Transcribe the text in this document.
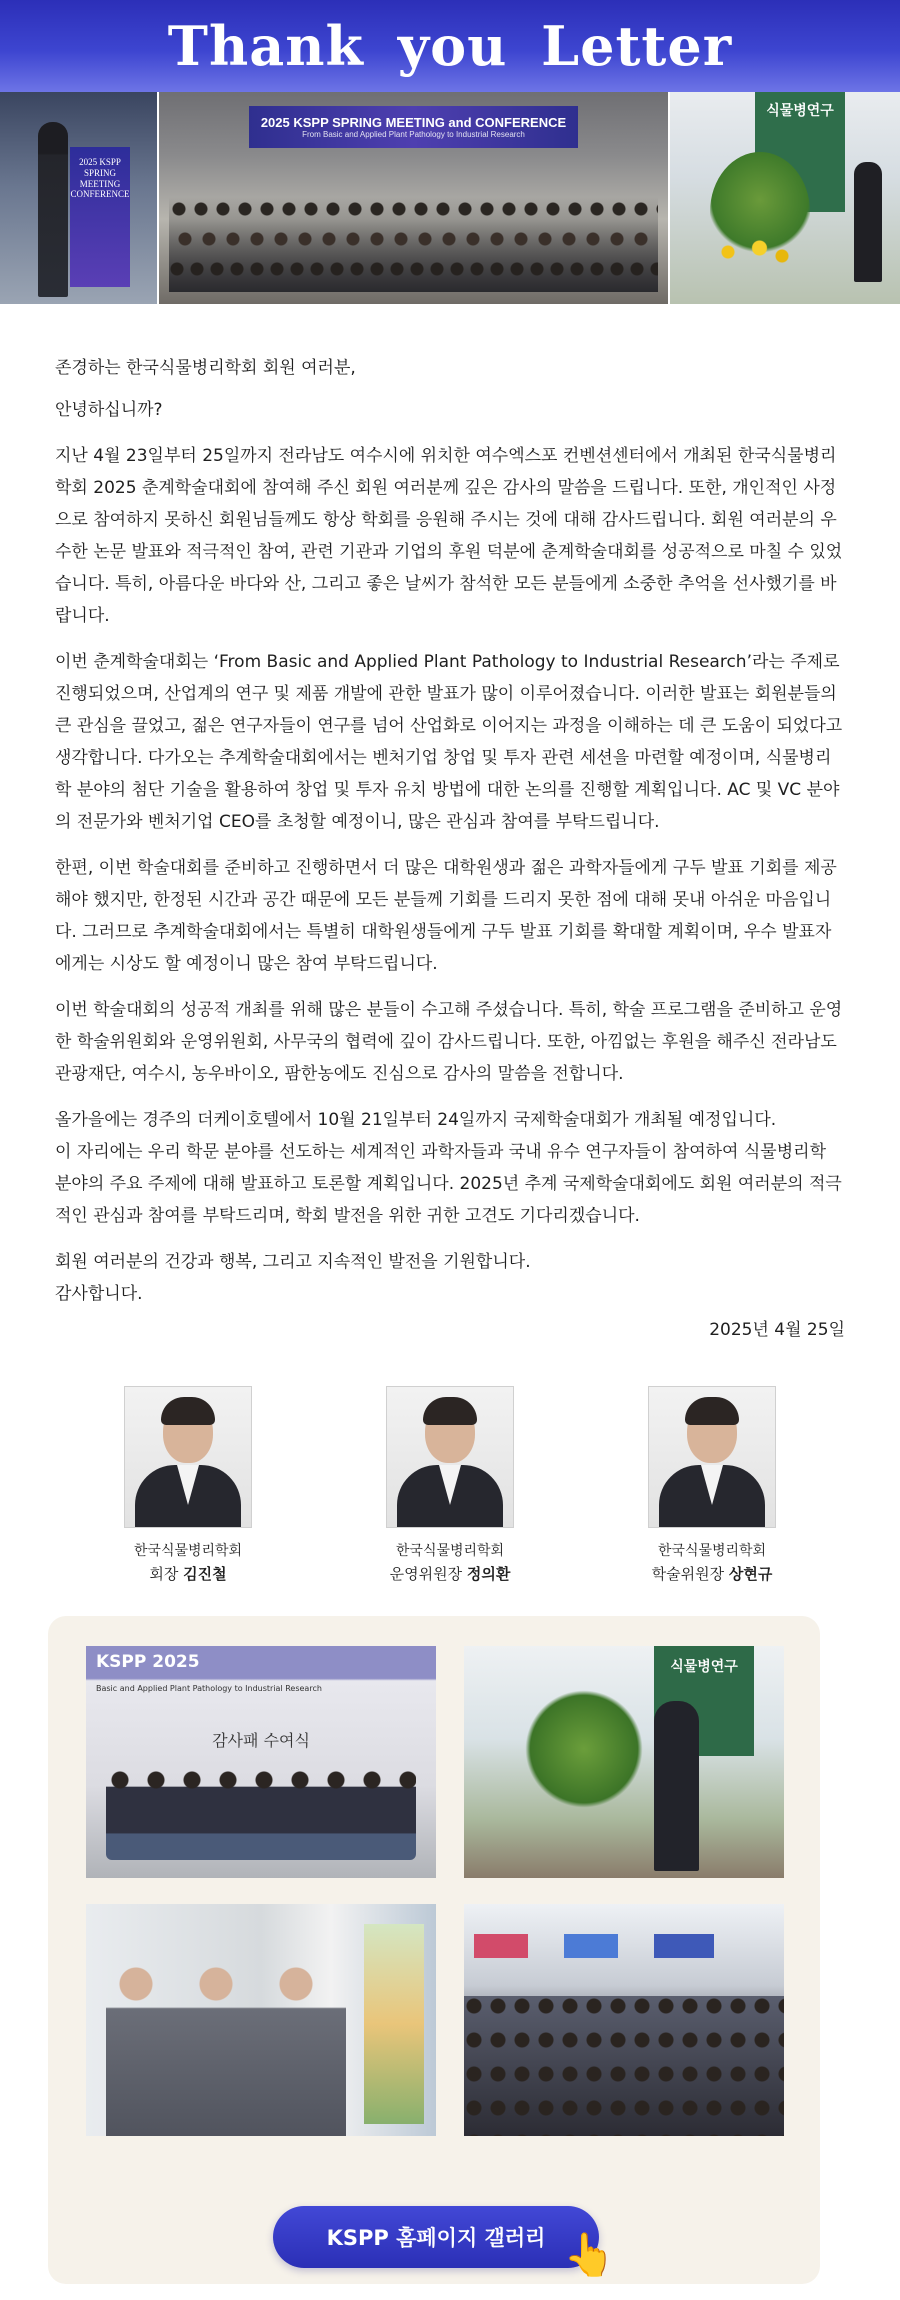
Thank you Letter
2025 KSPP SPRING MEETING CONFERENCE
2025 KSPP SPRING MEETING and CONFERENCE
From Basic and Applied Plant Pathology to Industrial Research
식물병연구

존경하는 한국식물병리학회 회원 여러분,

안녕하십니까?

지난 4월 23일부터 25일까지 전라남도 여수시에 위치한 여수엑스포 컨벤션센터에서 개최된 한국식물병리학회 2025 춘계학술대회에 참여해 주신 회원 여러분께 깊은 감사의 말씀을 드립니다. 또한, 개인적인 사정으로 참여하지 못하신 회원님들께도 항상 학회를 응원해 주시는 것에 대해 감사드립니다. 회원 여러분의 우수한 논문 발표와 적극적인 참여, 관련 기관과 기업의 후원 덕분에 춘계학술대회를 성공적으로 마칠 수 있었습니다. 특히, 아름다운 바다와 산, 그리고 좋은 날씨가 참석한 모든 분들에게 소중한 추억을 선사했기를 바랍니다.

이번 춘계학술대회는 ‘From Basic and Applied Plant Pathology to Industrial Research’라는 주제로 진행되었으며, 산업계의 연구 및 제품 개발에 관한 발표가 많이 이루어졌습니다. 이러한 발표는 회원분들의 큰 관심을 끌었고, 젊은 연구자들이 연구를 넘어 산업화로 이어지는 과정을 이해하는 데 큰 도움이 되었다고 생각합니다. 다가오는 추계학술대회에서는 벤처기업 창업 및 투자 관련 세션을 마련할 예정이며, 식물병리학 분야의 첨단 기술을 활용하여 창업 및 투자 유치 방법에 대한 논의를 진행할 계획입니다. AC 및 VC 분야의 전문가와 벤처기업 CEO를 초청할 예정이니, 많은 관심과 참여를 부탁드립니다.

한편, 이번 학술대회를 준비하고 진행하면서 더 많은 대학원생과 젊은 과학자들에게 구두 발표 기회를 제공해야 했지만, 한정된 시간과 공간 때문에 모든 분들께 기회를 드리지 못한 점에 대해 못내 아쉬운 마음입니다. 그러므로 추계학술대회에서는 특별히 대학원생들에게 구두 발표 기회를 확대할 계획이며, 우수 발표자에게는 시상도 할 예정이니 많은 참여 부탁드립니다.

이번 학술대회의 성공적 개최를 위해 많은 분들이 수고해 주셨습니다. 특히, 학술 프로그램을 준비하고 운영한 학술위원회와 운영위원회, 사무국의 협력에 깊이 감사드립니다. 또한, 아낌없는 후원을 해주신 전라남도 관광재단, 여수시, 농우바이오, 팜한농에도 진심으로 감사의 말씀을 전합니다.

올가을에는 경주의 더케이호텔에서 10월 21일부터 24일까지 국제학술대회가 개최될 예정입니다.
이 자리에는 우리 학문 분야를 선도하는 세계적인 과학자들과 국내 유수 연구자들이 참여하여 식물병리학 분야의 주요 주제에 대해 발표하고 토론할 계획입니다. 2025년 추계 국제학술대회에도 회원 여러분의 적극적인 관심과 참여를 부탁드리며, 학회 발전을 위한 귀한 고견도 기다리겠습니다.

회원 여러분의 건강과 행복, 그리고 지속적인 발전을 기원합니다.
감사합니다.

2025년 4월 25일
한국식물병리학회
회장 김진철
한국식물병리학회
운영위원장 정의환
한국식물병리학회
학술위원장 상현규
KSPP 2025
Basic and Applied Plant Pathology to Industrial Research
감사패 수여식
식물병연구
KSPP 홈페이지 갤러리 👆
